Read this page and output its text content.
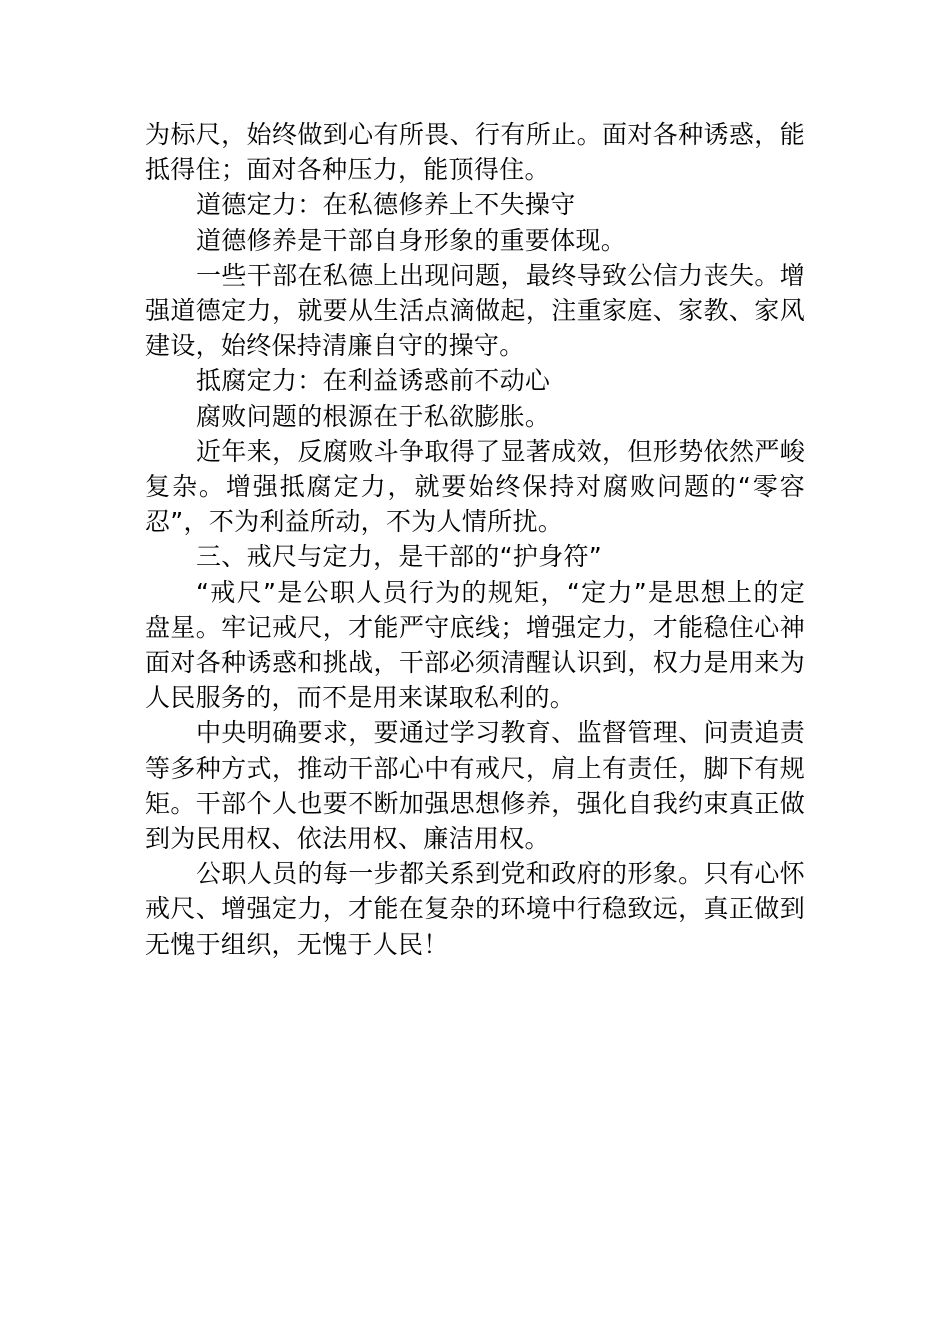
为标尺，始终做到心有所畏、行有所止。面对各种诱惑，能抵得住；面对各种压力，能顶得住。

道德定力：在私德修养上不失操守

道德修养是干部自身形象的重要体现。

一些干部在私德上出现问题，最终导致公信力丧失。增强道德定力，就要从生活点滴做起，注重家庭、家教、家风建设，始终保持清廉自守的操守。

抵腐定力：在利益诱惑前不动心

腐败问题的根源在于私欲膨胀。

近年来，反腐败斗争取得了显著成效，但形势依然严峻复杂。增强抵腐定力，就要始终保持对腐败问题的“零容忍”，不为利益所动，不为人情所扰。

三、戒尺与定力，是干部的“护身符”

“戒尺”是公职人员行为的规矩，“定力”是思想上的定盘星。牢记戒尺，才能严守底线；增强定力，才能稳住心神面对各种诱惑和挑战，干部必须清醒认识到，权力是用来为人民服务的，而不是用来谋取私利的。

中央明确要求，要通过学习教育、监督管理、问责追责等多种方式，推动干部心中有戒尺，肩上有责任，脚下有规矩。干部个人也要不断加强思想修养，强化自我约束真正做到为民用权、依法用权、廉洁用权。

公职人员的每一步都关系到党和政府的形象。只有心怀戒尺、增强定力，才能在复杂的环境中行稳致远，真正做到无愧于组织，无愧于人民！
